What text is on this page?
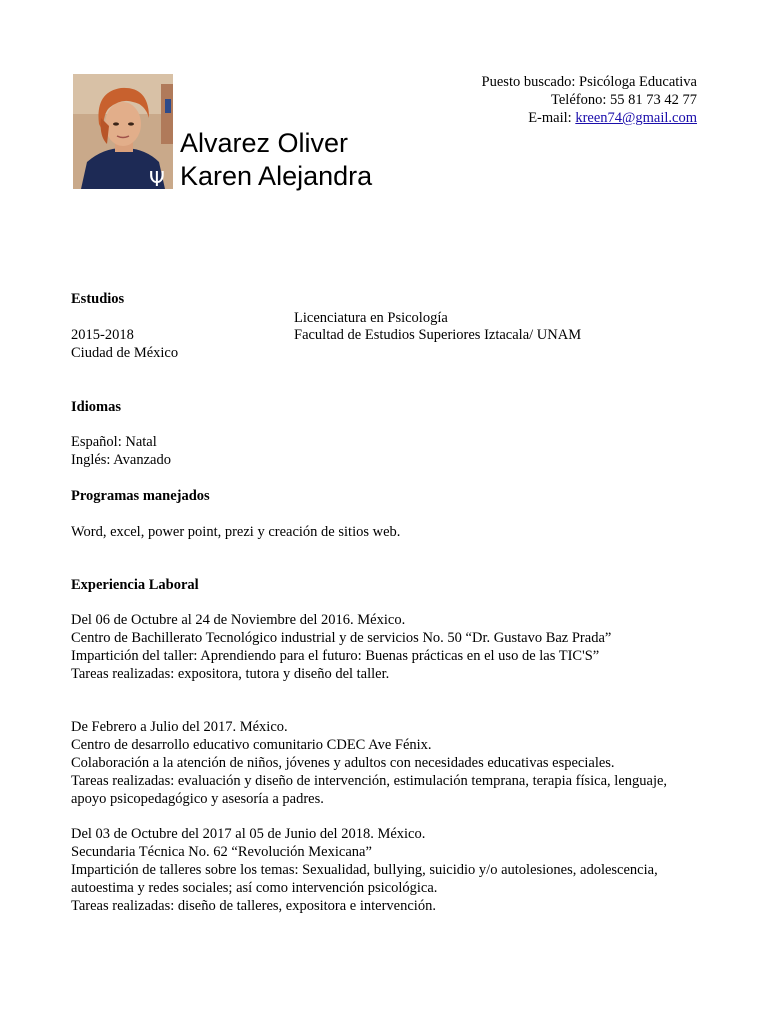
Puesto buscado: Psicóloga Educativa
Teléfono: 55 81 73 42 77
E-mail: kreen74@gmail.com
Ψ
Alvarez Oliver
Karen Alejandra
Estudios
Licenciatura en Psicología
2015-2018	Facultad de Estudios Superiores Iztacala/ UNAM
Ciudad de México
Idiomas
Español: Natal
Inglés: Avanzado
Programas manejados
Word, excel, power point, prezi y creación de sitios web.
Experiencia Laboral
Del 06 de Octubre al 24 de Noviembre del 2016. México.
Centro de Bachillerato Tecnológico industrial y de servicios No. 50 “Dr. Gustavo Baz Prada”
Impartición del taller: Aprendiendo para el futuro: Buenas prácticas en el uso de las TIC'S”
Tareas realizadas: expositora, tutora y diseño del taller.
De Febrero a Julio del 2017. México.
Centro de desarrollo educativo comunitario CDEC Ave Fénix.
Colaboración a la atención de niños, jóvenes y adultos con necesidades educativas especiales.
Tareas realizadas: evaluación y diseño de intervención, estimulación temprana, terapia física, lenguaje,
apoyo psicopedagógico y asesoría a padres.
Del 03 de Octubre del 2017 al 05 de Junio del 2018. México.
Secundaria Técnica No. 62 “Revolución Mexicana”
Impartición de talleres sobre los temas: Sexualidad, bullying, suicidio y/o autolesiones, adolescencia,
autoestima y redes sociales; así como intervención psicológica.
Tareas realizadas: diseño de talleres, expositora e intervención.
